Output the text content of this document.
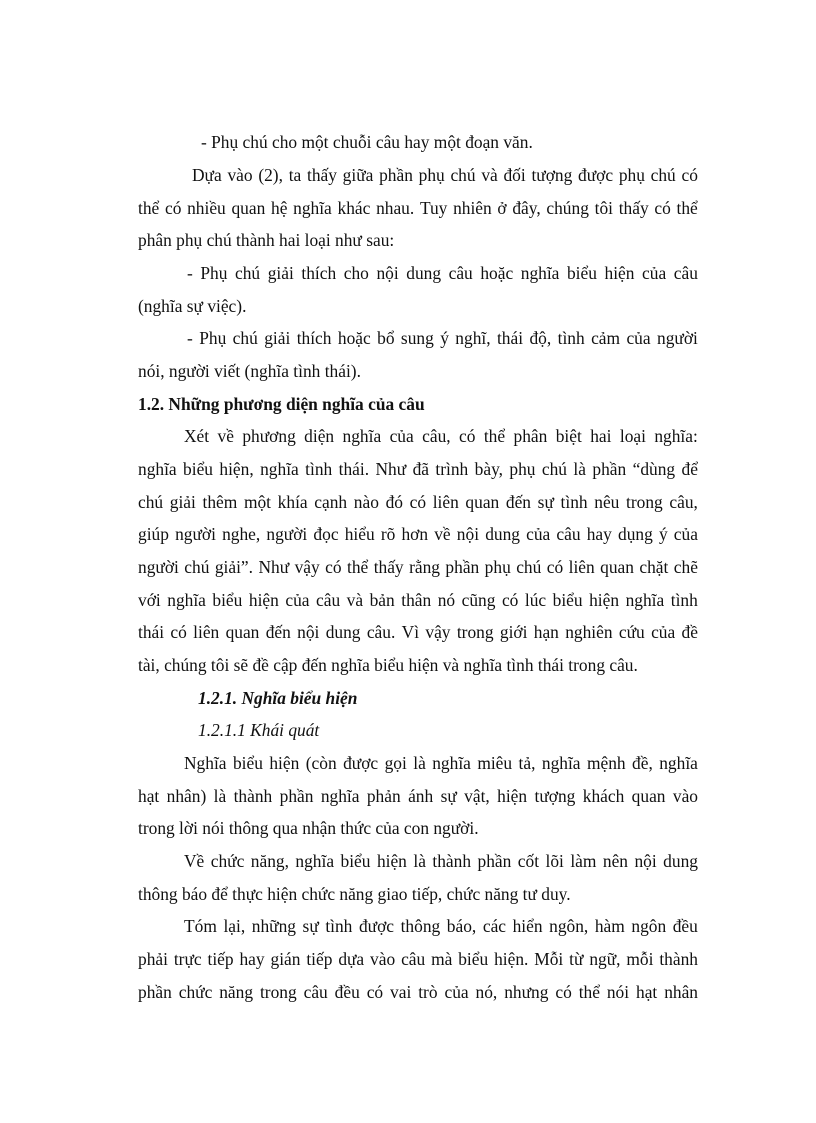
- Phụ chú cho một chuỗi câu hay một đoạn văn.
Dựa vào (2), ta thấy giữa phần phụ chú và đối tượng được phụ chú có
thể có nhiều quan hệ nghĩa khác nhau. Tuy nhiên ở đây, chúng tôi thấy có thể
phân phụ chú thành hai loại như sau:
- Phụ chú giải thích cho nội dung câu hoặc nghĩa biểu hiện của câu
(nghĩa sự việc).
- Phụ chú giải thích hoặc bổ sung ý nghĩ, thái độ, tình cảm của người
nói, người viết (nghĩa tình thái).
1.2. Những phương diện nghĩa của câu
Xét về phương diện nghĩa của câu, có thể phân biệt hai loại nghĩa:
nghĩa biểu hiện, nghĩa tình thái. Như đã trình bày, phụ chú là phần “dùng để
chú giải thêm một khía cạnh nào đó có liên quan đến sự tình nêu trong câu,
giúp người nghe, người đọc hiểu rõ hơn về nội dung của câu hay dụng ý của
người chú giải”. Như vậy có thể thấy rằng phần phụ chú có liên quan chặt chẽ
với nghĩa biểu hiện của câu và bản thân nó cũng có lúc biểu hiện nghĩa tình
thái có liên quan đến nội dung câu. Vì vậy trong giới hạn nghiên cứu của đề
tài, chúng tôi sẽ đề cập đến nghĩa biểu hiện và nghĩa tình thái trong câu.
1.2.1. Nghĩa biểu hiện
1.2.1.1 Khái quát
Nghĩa biểu hiện (còn được gọi là nghĩa miêu tả, nghĩa mệnh đề, nghĩa
hạt nhân) là thành phần nghĩa phản ánh sự vật, hiện tượng khách quan vào
trong lời nói thông qua nhận thức của con người.
Về chức năng, nghĩa biểu hiện là thành phần cốt lõi làm nên nội dung
thông báo để thực hiện chức năng giao tiếp, chức năng tư duy.
Tóm lại, những sự tình được thông báo, các hiển ngôn, hàm ngôn đều
phải trực tiếp hay gián tiếp dựa vào câu mà biểu hiện. Mỗi từ ngữ, mỗi thành
phần chức năng trong câu đều có vai trò của nó, nhưng có thể nói hạt nhân
